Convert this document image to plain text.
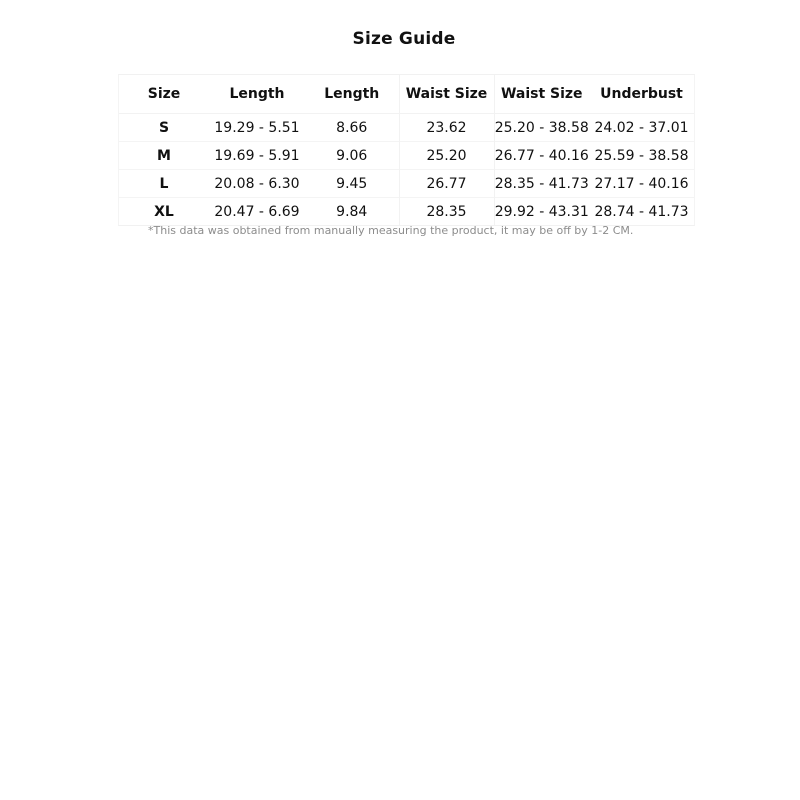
Size Guide
Size	Length	Length	Waist Size	Waist Size	Underbust
S	19.29 - 5.51	8.66	23.62	25.20 - 38.58	24.02 - 37.01
M	19.69 - 5.91	9.06	25.20	26.77 - 40.16	25.59 - 38.58
L	20.08 - 6.30	9.45	26.77	28.35 - 41.73	27.17 - 40.16
XL	20.47 - 6.69	9.84	28.35	29.92 - 43.31	28.74 - 41.73
*This data was obtained from manually measuring the product, it may be off by 1-2 CM.
